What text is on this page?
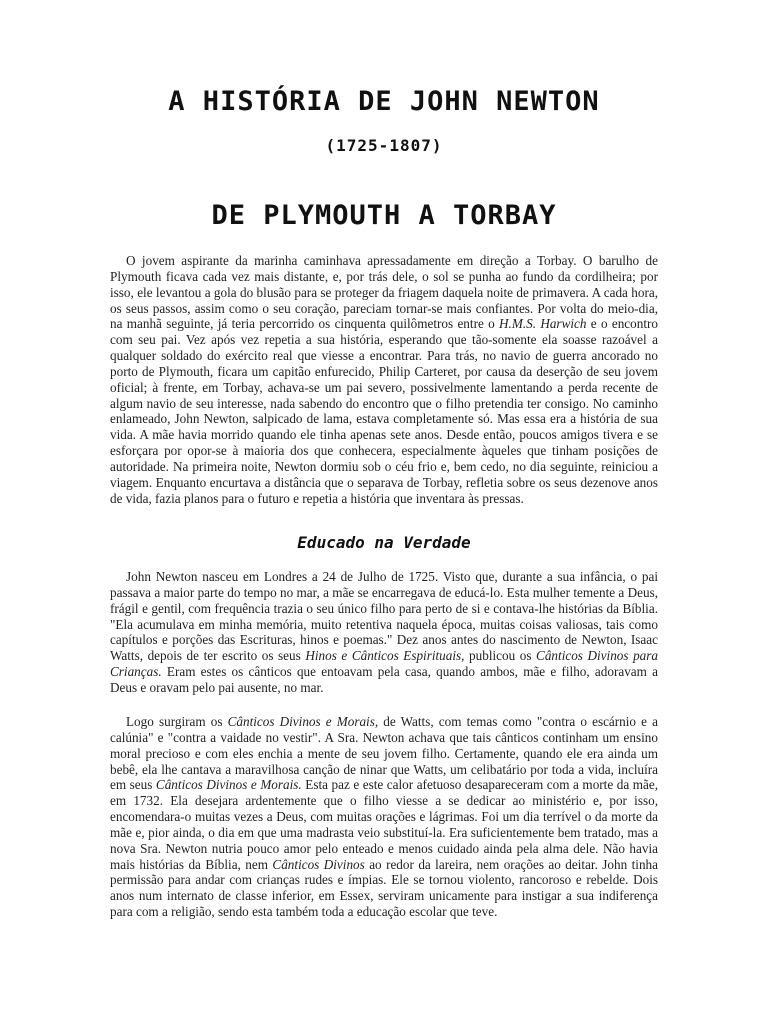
A HISTÓRIA DE JOHN NEWTON
(1725-1807)
DE PLYMOUTH A TORBAY

O jovem aspirante da marinha caminhava apressadamente em direção a Torbay. O barulho de Plymouth ficava cada vez mais distante, e, por trás dele, o sol se punha ao fundo da cordilheira; por isso, ele levantou a gola do blusão para se proteger da friagem daquela noite de primavera. A cada hora, os seus passos, assim como o seu coração, pareciam tornar-se mais confiantes. Por volta do meio-dia, na manhã seguinte, já teria percorrido os cinquenta quilômetros entre o H.M.S. Harwich e o encontro com seu pai. Vez após vez repetia a sua história, esperando que tão-somente ela soasse razoável a qualquer soldado do exército real que viesse a encontrar. Para trás, no navio de guerra ancorado no porto de Plymouth, ficara um capitão enfurecido, Philip Carteret, por causa da deserção de seu jovem oficial; à frente, em Torbay, achava-se um pai severo, possivelmente lamentando a perda recente de algum navio de seu interesse, nada sabendo do encontro que o filho pretendia ter consigo. No caminho enlameado, John Newton, salpicado de lama, estava completamente só. Mas essa era a história de sua vida. A mãe havia morrido quando ele tinha apenas sete anos. Desde então, poucos amigos tivera e se esforçara por opor-se à maioria dos que conhecera, especialmente àqueles que tinham posições de autoridade. Na primeira noite, Newton dormiu sob o céu frio e, bem cedo, no dia seguinte, reiniciou a viagem. Enquanto encurtava a distância que o separava de Torbay, refletia sobre os seus dezenove anos de vida, fazia planos para o futuro e repetia a história que inventara às pressas.

Educado na Verdade

John Newton nasceu em Londres a 24 de Julho de 1725. Visto que, durante a sua infância, o pai passava a maior parte do tempo no mar, a mãe se encarregava de educá-lo. Esta mulher temente a Deus, frágil e gentil, com frequência trazia o seu único filho para perto de si e contava-lhe histórias da Bíblia. "Ela acumulava em minha memória, muito retentiva naquela época, muitas coisas valiosas, tais como capítulos e porções das Escrituras, hinos e poemas." Dez anos antes do nascimento de Newton, Isaac Watts, depois de ter escrito os seus Hinos e Cânticos Espirituais, publicou os Cânticos Divinos para Crianças. Eram estes os cânticos que entoavam pela casa, quando ambos, mãe e filho, adoravam a Deus e oravam pelo pai ausente, no mar.

Logo surgiram os Cânticos Divinos e Morais, de Watts, com temas como "contra o escárnio e a calúnia" e "contra a vaidade no vestir". A Sra. Newton achava que tais cânticos continham um ensino moral precioso e com eles enchia a mente de seu jovem filho. Certamente, quando ele era ainda um bebê, ela lhe cantava a maravilhosa canção de ninar que Watts, um celibatário por toda a vida, incluíra em seus Cânticos Divinos e Morais. Esta paz e este calor afetuoso desapareceram com a morte da mãe, em 1732. Ela desejara ardentemente que o filho viesse a se dedicar ao ministério e, por isso, encomendara-o muitas vezes a Deus, com muitas orações e lágrimas. Foi um dia terrível o da morte da mãe e, pior ainda, o dia em que uma madrasta veio substituí-la. Era suficientemente bem tratado, mas a nova Sra. Newton nutria pouco amor pelo enteado e menos cuidado ainda pela alma dele. Não havia mais histórias da Bíblia, nem Cânticos Divinos ao redor da lareira, nem orações ao deitar. John tinha permissão para andar com crianças rudes e ímpias. Ele se tornou violento, rancoroso e rebelde. Dois anos num internato de classe inferior, em Essex, serviram unicamente para instigar a sua indiferença para com a religião, sendo esta também toda a educação escolar que teve.
